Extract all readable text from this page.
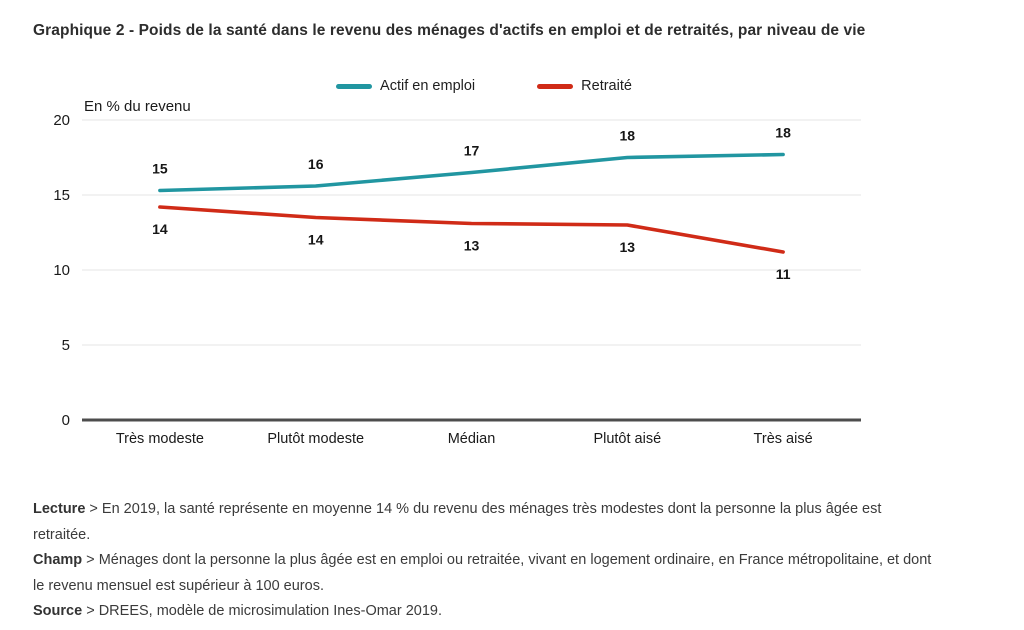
Graphique 2 - Poids de la santé dans le revenu des ménages d'actifs en emploi et de retraités, par niveau de vie
Actif en emploi	Retraité
0
5
10
15
20
En % du revenu
Très modeste	Plutôt modeste	Médian	Plutôt aisé	Très aisé
15	16
17
18	18
14
14	13	13
11

Lecture > En 2019, la santé représente en moyenne 14 % du revenu des ménages très modestes dont la personne la plus âgée est retraitée.

Champ > Ménages dont la personne la plus âgée est en emploi ou retraitée, vivant en logement ordinaire, en France métropolitaine, et dont le revenu mensuel est supérieur à 100 euros.

Source > DREES, modèle de microsimulation Ines-Omar 2019.
